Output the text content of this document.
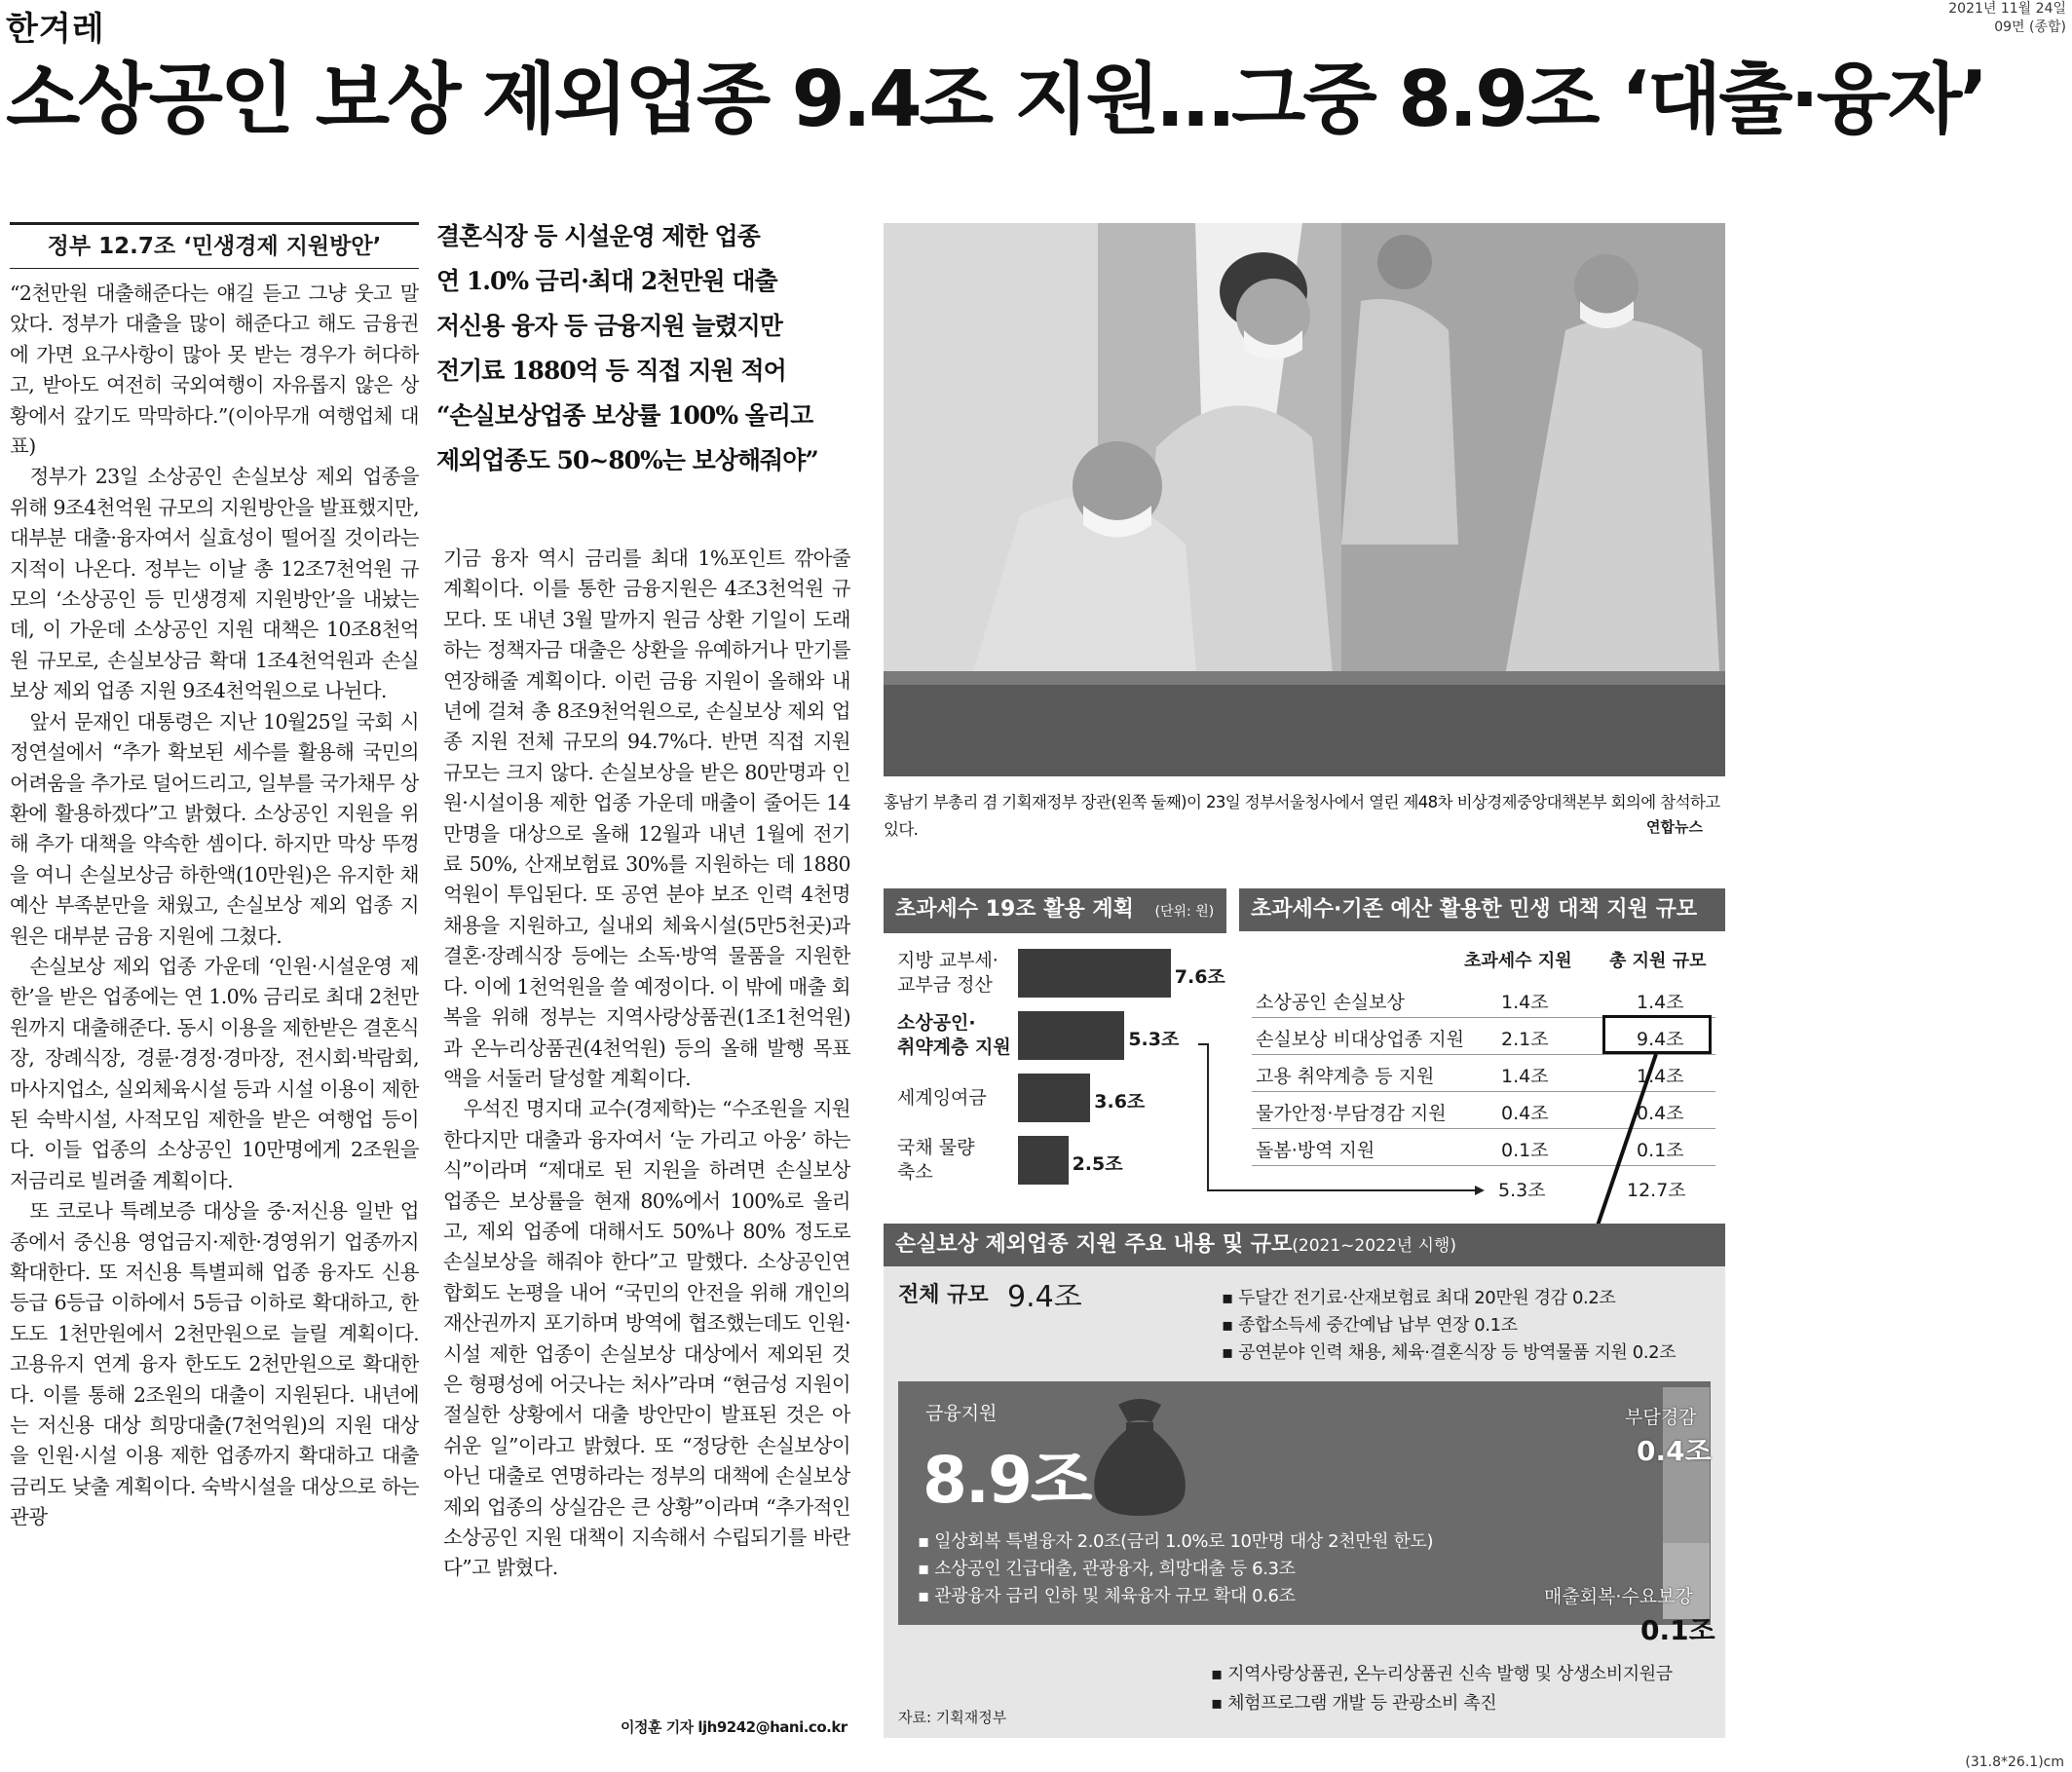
한겨레
2021년 11월 24일
09면 (종합)
소상공인 보상 제외업종 9.4조 지원…그중 8.9조 ‘대출·융자’
정부 12.7조 ‘민생경제 지원방안’

“2천만원 대출해준다는 얘길 듣고 그냥 웃고 말았다. 정부가 대출을 많이 해준다고 해도 금융권에 가면 요구사항이 많아 못 받는 경우가 허다하고, 받아도 여전히 국외여행이 자유롭지 않은 상황에서 갚기도 막막하다.”(이아무개 여행업체 대표)

정부가 23일 소상공인 손실보상 제외 업종을 위해 9조4천억원 규모의 지원방안을 발표했지만, 대부분 대출·융자여서 실효성이 떨어질 것이라는 지적이 나온다. 정부는 이날 총 12조7천억원 규모의 ‘소상공인 등 민생경제 지원방안’을 내놨는데, 이 가운데 소상공인 지원 대책은 10조8천억원 규모로, 손실보상금 확대 1조4천억원과 손실보상 제외 업종 지원 9조4천억원으로 나뉜다.

앞서 문재인 대통령은 지난 10월25일 국회 시정연설에서 “추가 확보된 세수를 활용해 국민의 어려움을 추가로 덜어드리고, 일부를 국가채무 상환에 활용하겠다”고 밝혔다. 소상공인 지원을 위해 추가 대책을 약속한 셈이다. 하지만 막상 뚜껑을 여니 손실보상금 하한액(10만원)은 유지한 채 예산 부족분만을 채웠고, 손실보상 제외 업종 지원은 대부분 금융 지원에 그쳤다.

손실보상 제외 업종 가운데 ‘인원·시설운영 제한’을 받은 업종에는 연 1.0% 금리로 최대 2천만원까지 대출해준다. 동시 이용을 제한받은 결혼식장, 장례식장, 경륜·경정·경마장, 전시회·박람회, 마사지업소, 실외체육시설 등과 시설 이용이 제한된 숙박시설, 사적모임 제한을 받은 여행업 등이다. 이들 업종의 소상공인 10만명에게 2조원을 저금리로 빌려줄 계획이다.

또 코로나 특례보증 대상을 중·저신용 일반 업종에서 중신용 영업금지·제한·경영위기 업종까지 확대한다. 또 저신용 특별피해 업종 융자도 신용등급 6등급 이하에서 5등급 이하로 확대하고, 한도도 1천만원에서 2천만원으로 늘릴 계획이다. 고용유지 연계 융자 한도도 2천만원으로 확대한다. 이를 통해 2조원의 대출이 지원된다. 내년에는 저신용 대상 희망대출(7천억원)의 지원 대상을 인원·시설 이용 제한 업종까지 확대하고 대출 금리도 낮출 계획이다. 숙박시설을 대상으로 하는 관광

결혼식장 등 시설운영 제한 업종
연 1.0% 금리·최대 2천만원 대출
저신용 융자 등 금융지원 늘렸지만
전기료 1880억 등 직접 지원 적어
“손실보상업종 보상률 100% 올리고
제외업종도 50~80%는 보상해줘야”

기금 융자 역시 금리를 최대 1%포인트 깎아줄 계획이다. 이를 통한 금융지원은 4조3천억원 규모다. 또 내년 3월 말까지 원금 상환 기일이 도래하는 정책자금 대출은 상환을 유예하거나 만기를 연장해줄 계획이다. 이런 금융 지원이 올해와 내년에 걸쳐 총 8조9천억원으로, 손실보상 제외 업종 지원 전체 규모의 94.7%다. 반면 직접 지원 규모는 크지 않다. 손실보상을 받은 80만명과 인원·시설이용 제한 업종 가운데 매출이 줄어든 14만명을 대상으로 올해 12월과 내년 1월에 전기료 50%, 산재보험료 30%를 지원하는 데 1880억원이 투입된다. 또 공연 분야 보조 인력 4천명 채용을 지원하고, 실내외 체육시설(5만5천곳)과 결혼·장례식장 등에는 소독·방역 물품을 지원한다. 이에 1천억원을 쓸 예정이다. 이 밖에 매출 회복을 위해 정부는 지역사랑상품권(1조1천억원)과 온누리상품권(4천억원) 등의 올해 발행 목표액을 서둘러 달성할 계획이다.

우석진 명지대 교수(경제학)는 “수조원을 지원한다지만 대출과 융자여서 ‘눈 가리고 아웅’ 하는 식”이라며 “제대로 된 지원을 하려면 손실보상 업종은 보상률을 현재 80%에서 100%로 올리고, 제외 업종에 대해서도 50%나 80% 정도로 손실보상을 해줘야 한다”고 말했다. 소상공인연합회도 논평을 내어 “국민의 안전을 위해 개인의 재산권까지 포기하며 방역에 협조했는데도 인원·시설 제한 업종이 손실보상 대상에서 제외된 것은 형평성에 어긋나는 처사”라며 “현금성 지원이 절실한 상황에서 대출 방안만이 발표된 것은 아쉬운 일”이라고 밝혔다. 또 “정당한 손실보상이 아닌 대출로 연명하라는 정부의 대책에 손실보상 제외 업종의 상실감은 큰 상황”이라며 “추가적인 소상공인 지원 대책이 지속해서 수립되기를 바란다”고 밝혔다.

이정훈 기자 ljh9242@hani.co.kr
홍남기 부총리 겸 기획재정부 장관(왼쪽 둘째)이 23일 정부서울청사에서 열린 제48차 비상경제중앙대책본부 회의에 참석하고 있다.	연합뉴스
초과세수 19조 활용 계획 (단위: 원)
지방 교부세·
교부금 정산	7.6조
소상공인·
취약계층 지원	5.3조
세계잉여금	3.6조
국채 물량
축소	2.5조
초과세수·기존 예산 활용한 민생 대책 지원 규모
초과세수 지원 총 지원 규모
소상공인 손실보상	1.4조	1.4조
손실보상 비대상업종 지원 2.1조	9.4조
고용 취약계층 등 지원	1.4조	1.4조
물가안정·부담경감 지원	0.4조	0.4조
돌봄·방역 지원	0.1조	0.1조
5.3조	12.7조
손실보상 제외업종 지원 주요 내용 및 규모(2021~2022년 시행)
전체 규모 9.4조	▪ 두달간 전기료·산재보험료 최대 20만원 경감 0.2조
▪ 종합소득세 중간예납 납부 연장 0.1조
▪ 공연분야 인력 채용, 체육·결혼식장 등 방역물품 지원 0.2조
금융지원
8.9조
▪ 일상회복 특별융자 2.0조(금리 1.0%로 10만명 대상 2천만원 한도)
▪ 소상공인 긴급대출, 관광융자, 희망대출 등 6.3조
▪ 관광융자 금리 인하 및 체육융자 규모 확대 0.6조
부담경감
0.4조
매출회복·수요보강
0.1조
▪ 지역사랑상품권, 온누리상품권 신속 발행 및 상생소비지원금
▪ 체험프로그램 개발 등 관광소비 촉진
자료: 기획재정부
(31.8*26.1)cm
